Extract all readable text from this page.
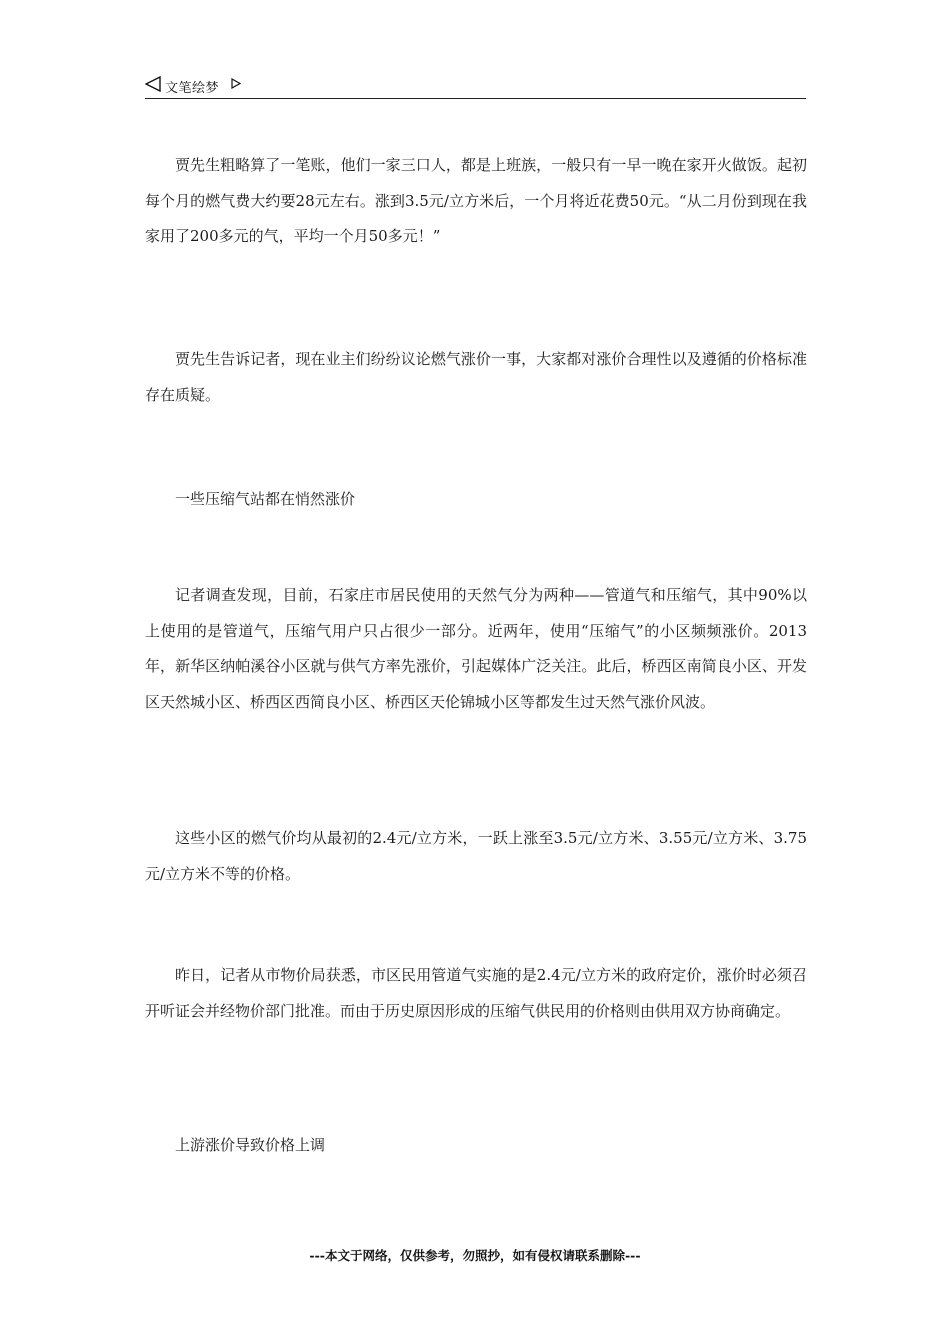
文笔绘梦

贾先生粗略算了一笔账，他们一家三口人，都是上班族，一般只有一早一晚在家开火做饭。起初每个月的燃气费大约要28元左右。涨到3.5元/立方米后，一个月将近花费50元。“从二月份到现在我家用了200多元的气，平均一个月50多元！”

贾先生告诉记者，现在业主们纷纷议论燃气涨价一事，大家都对涨价合理性以及遵循的价格标准存在质疑。

一些压缩气站都在悄然涨价

记者调查发现，目前，石家庄市居民使用的天然气分为两种——管道气和压缩气，其中90%以上使用的是管道气，压缩气用户只占很少一部分。近两年，使用“压缩气”的小区频频涨价。2013年，新华区纳帕溪谷小区就与供气方率先涨价，引起媒体广泛关注。此后，桥西区南简良小区、开发区天然城小区、桥西区西简良小区、桥西区天伦锦城小区等都发生过天然气涨价风波。

这些小区的燃气价均从最初的2.4元/立方米，一跃上涨至3.5元/立方米、3.55元/立方米、3.75元/立方米不等的价格。

昨日，记者从市物价局获悉，市区民用管道气实施的是2.4元/立方米的政府定价，涨价时必须召开听证会并经物价部门批准。而由于历史原因形成的压缩气供民用的价格则由供用双方协商确定。

上游涨价导致价格上调

---本文于网络，仅供参考，勿照抄，如有侵权请联系删除---
